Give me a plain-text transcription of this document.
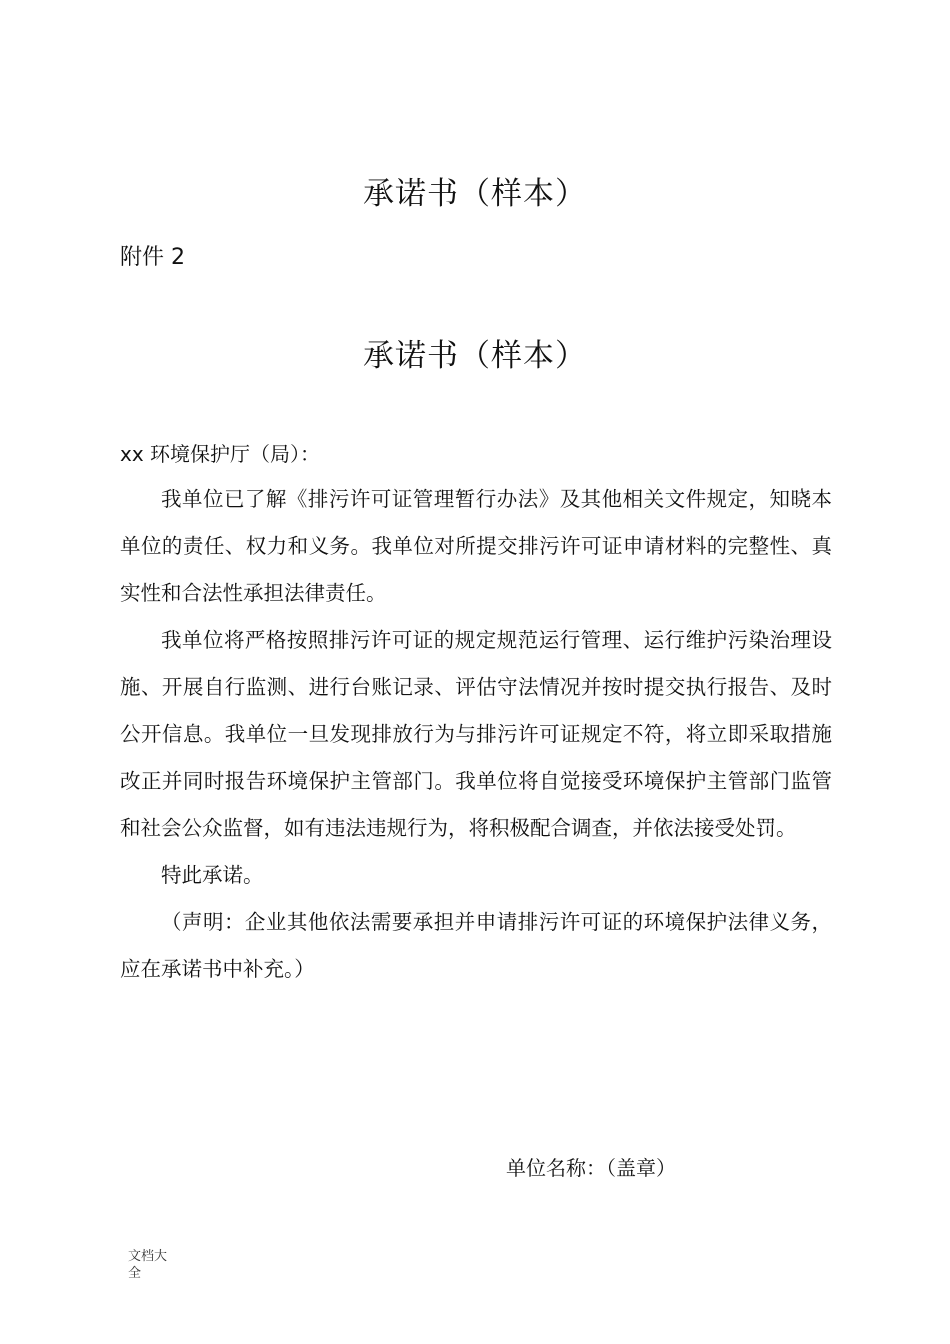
承诺书（样本）
附件 2
承诺书（样本）
xx 环境保护厅（局）：

我单位已了解《排污许可证管理暂行办法》及其他相关文件规定，知晓本单位的责任、权力和义务。我单位对所提交排污许可证申请材料的完整性、真实性和合法性承担法律责任。

我单位将严格按照排污许可证的规定规范运行管理、运行维护污染治理设施、开展自行监测、进行台账记录、评估守法情况并按时提交执行报告、及时公开信息。我单位一旦发现排放行为与排污许可证规定不符，将立即采取措施改正并同时报告环境保护主管部门。我单位将自觉接受环境保护主管部门监管和社会公众监督，如有违法违规行为，将积极配合调查，并依法接受处罚。

特此承诺。

（声明：企业其他依法需要承担并申请排污许可证的环境保护法律义务，应在承诺书中补充。）

单位名称：（盖章）
文档大全
